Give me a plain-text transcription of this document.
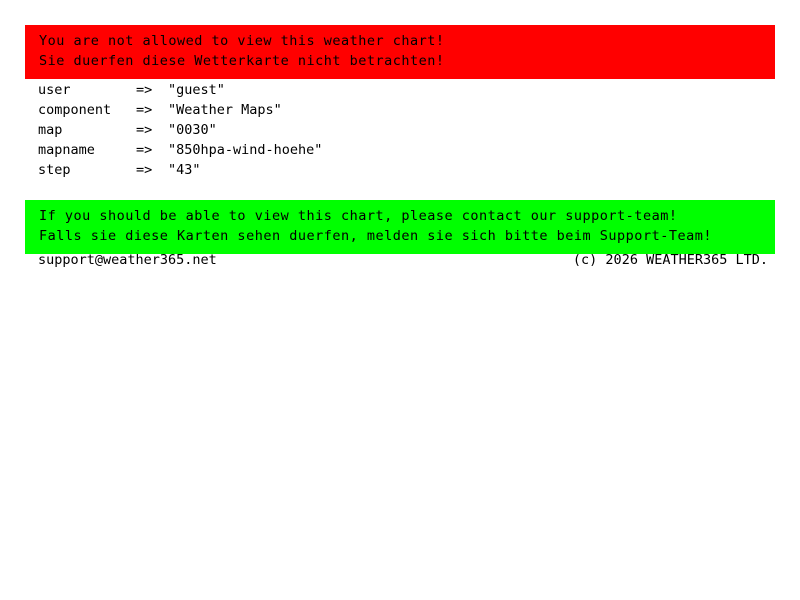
You are not allowed to view this weather chart!
Sie duerfen diese Wetterkarte nicht betrachten!
user	=>	"guest"
component	=>	"Weather Maps"
map	=>	"0030"
mapname	=>	"850hpa-wind-hoehe"
step	=>	"43"
If you should be able to view this chart, please contact our support-team!
Falls sie diese Karten sehen duerfen, melden sie sich bitte beim Support-Team!
support@weather365.net	(c) 2026 WEATHER365 LTD.
